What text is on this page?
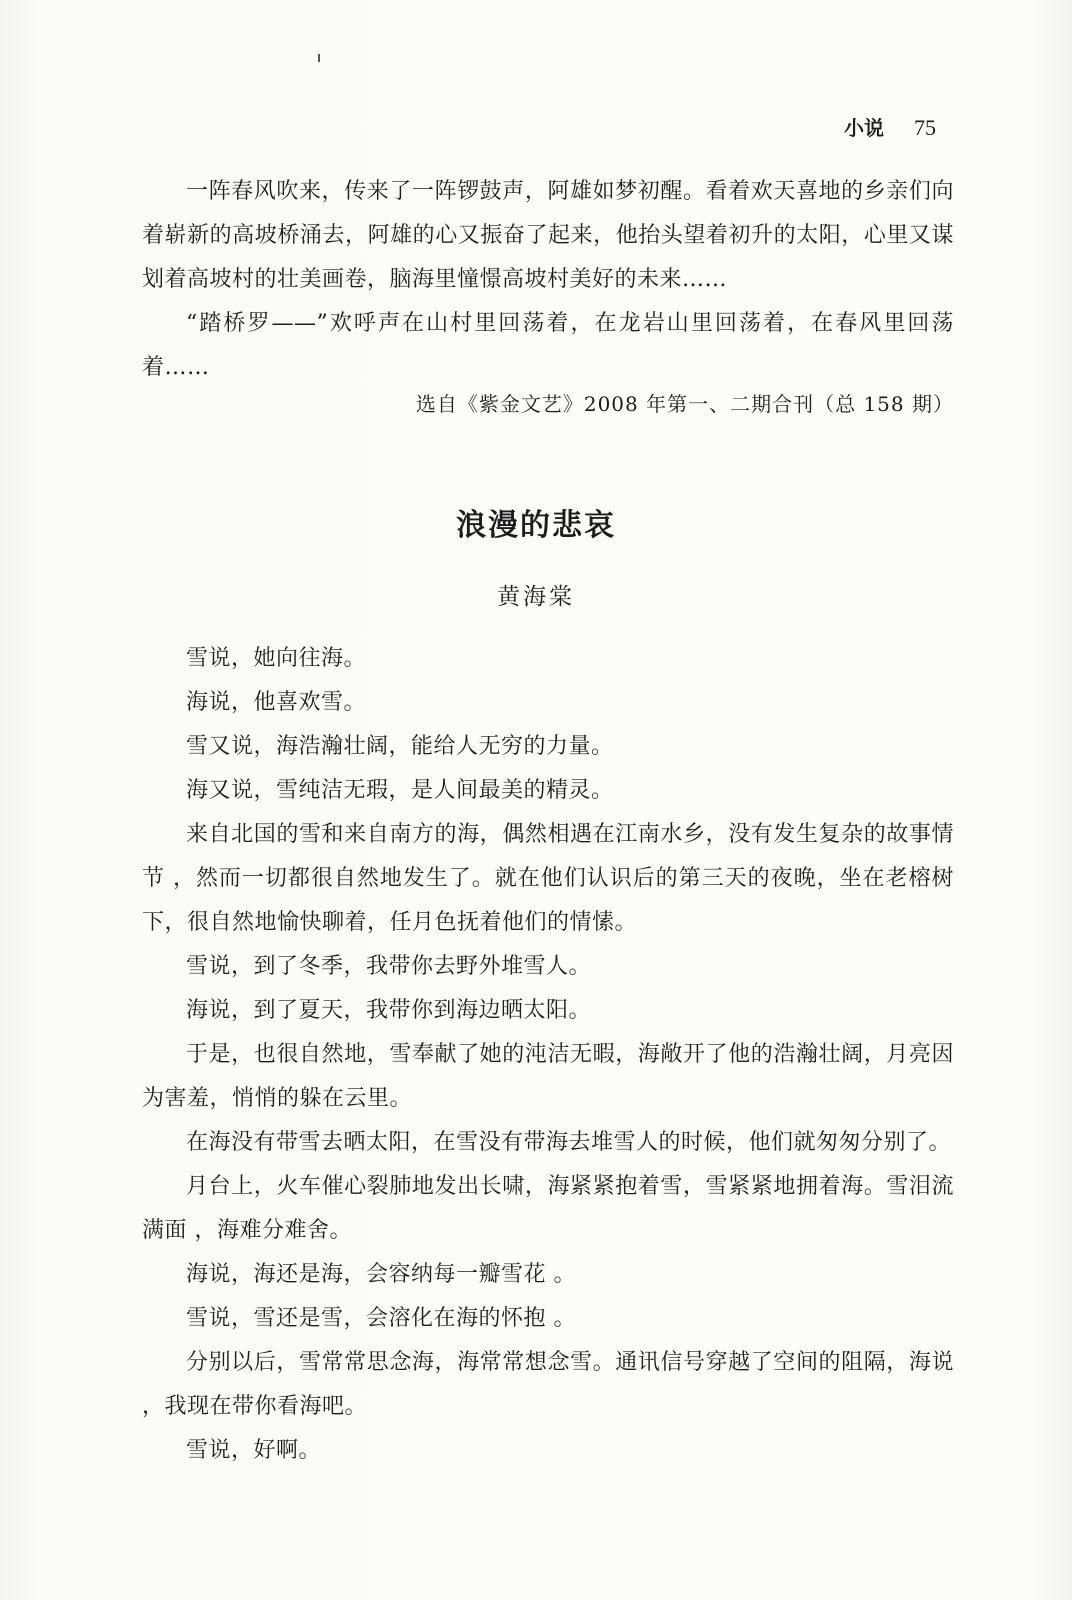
小说 75

一阵春风吹来，传来了一阵锣鼓声，阿雄如梦初醒。看着欢天喜地的乡亲们向着崭新的高坡桥涌去，阿雄的心又振奋了起来，他抬头望着初升的太阳，心里又谋划着高坡村的壮美画卷，脑海里憧憬高坡村美好的未来……

“踏桥罗——”欢呼声在山村里回荡着，在龙岩山里回荡着，在春风里回荡着……

选自《紫金文艺》2008 年第一、二期合刊（总 158 期）
浪漫的悲哀
黄海棠

雪说，她向往海。

海说，他喜欢雪。

雪又说，海浩瀚壮阔，能给人无穷的力量。

海又说，雪纯洁无瑕，是人间最美的精灵。

来自北国的雪和来自南方的海，偶然相遇在江南水乡，没有发生复杂的故事情节 ，然而一切都很自然地发生了。就在他们认识后的第三天的夜晚，坐在老榕树下，很自然地愉快聊着，任月色抚着他们的情愫。

雪说，到了冬季，我带你去野外堆雪人。

海说，到了夏天，我带你到海边晒太阳。

于是，也很自然地，雪奉献了她的沌洁无暇，海敞开了他的浩瀚壮阔，月亮因为害羞，悄悄的躲在云里。

在海没有带雪去晒太阳，在雪没有带海去堆雪人的时候，他们就匆匆分别了。

月台上，火车催心裂肺地发出长啸，海紧紧抱着雪，雪紧紧地拥着海。雪泪流满面 ，海难分难舍。

海说，海还是海，会容纳每一瓣雪花 。

雪说，雪还是雪，会溶化在海的怀抱 。

分别以后，雪常常思念海，海常常想念雪。通讯信号穿越了空间的阻隔，海说 ，我现在带你看海吧。

雪说，好啊。
